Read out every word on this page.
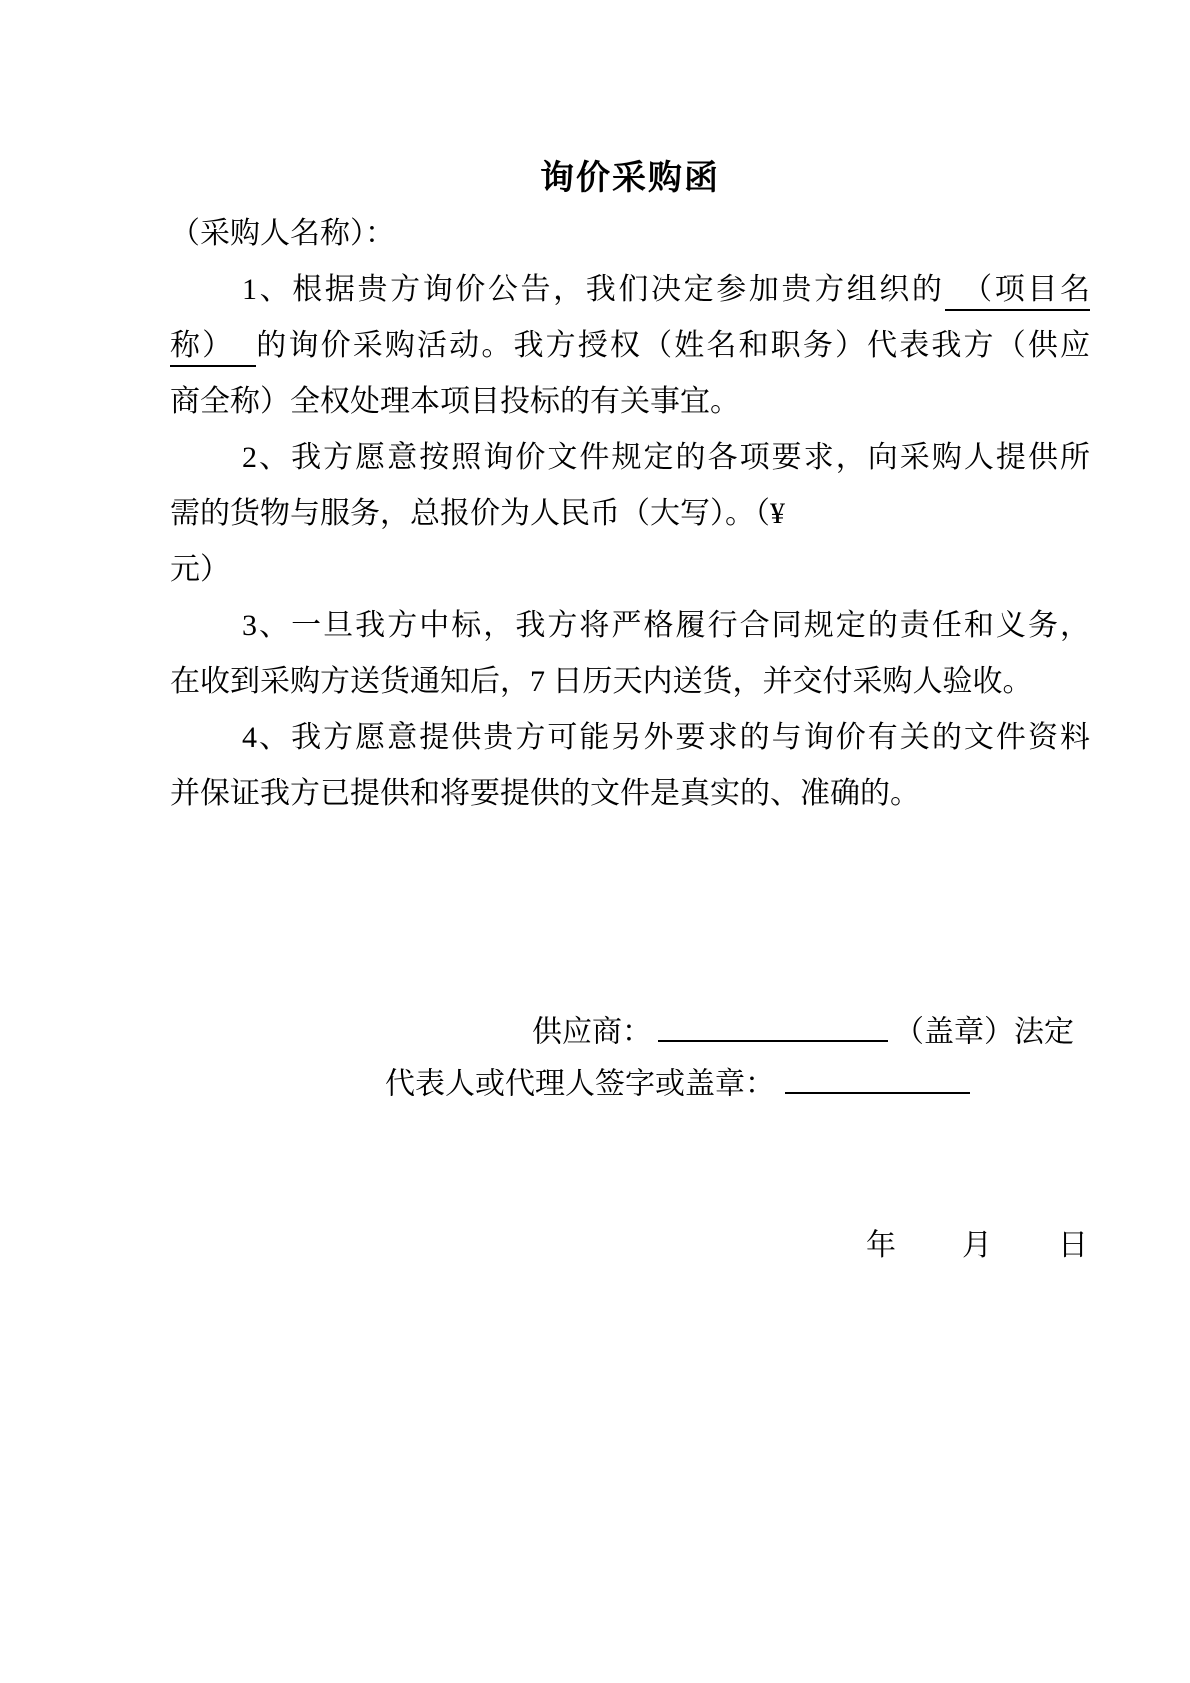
询价采购函
（采购人名称）：
1、根据贵方询价公告，我们决定参加贵方组织的　（项目名
称） 的询价采购活动。我方授权（姓名和职务）代表我方（供应
商全称）全权处理本项目投标的有关事宜。
2、我方愿意按照询价文件规定的各项要求，向采购人提供所
需的货物与服务，总报价为人民币（大写）。（¥
元）
3、一旦我方中标，我方将严格履行合同规定的责任和义务，
在收到采购方送货通知后，7 日历天内送货，并交付采购人验收。
4、我方愿意提供贵方可能另外要求的与询价有关的文件资料
并保证我方已提供和将要提供的文件是真实的、准确的。
供应商：	（盖章）法定
代表人或代理人签字或盖章：
年 月 日
